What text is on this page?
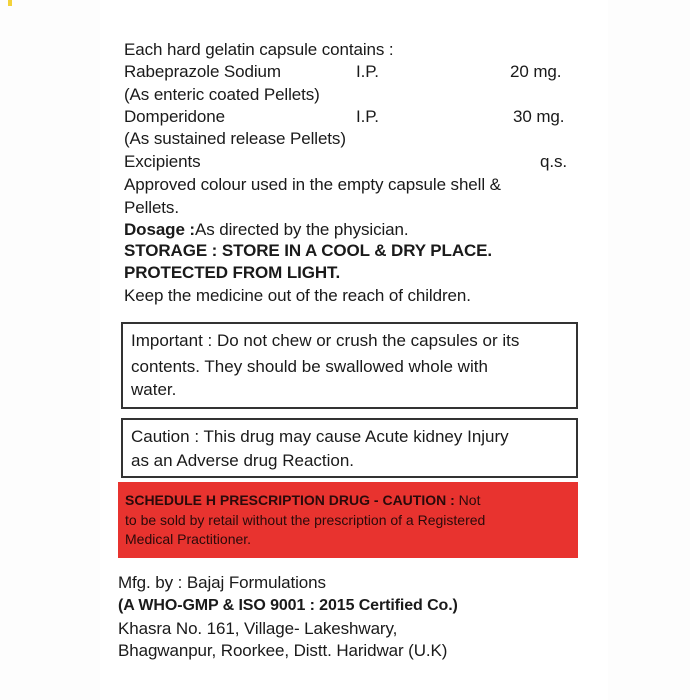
Each hard gelatin capsule contains :
Rabeprazole Sodium	I.P.	20 mg.
(As enteric coated Pellets)
Domperidone	I.P.	30 mg.
(As sustained release Pellets)
Excipients	q.s.
Approved colour used in the empty capsule shell &
Pellets.
Dosage :As directed by the physician.
STORAGE : STORE IN A COOL & DRY PLACE.
PROTECTED FROM LIGHT.
Keep the medicine out of the reach of children.
Important : Do not chew or crush the capsules or its
contents. They should be swallowed whole with
water.
Caution : This drug may cause Acute kidney Injury
as an Adverse drug Reaction.
SCHEDULE H PRESCRIPTION DRUG - CAUTION : Not
to be sold by retail without the prescription of a Registered
Medical Practitioner.
Mfg. by : Bajaj Formulations
(A WHO-GMP & ISO 9001 : 2015 Certified Co.)
Khasra No. 161, Village- Lakeshwary,
Bhagwanpur, Roorkee, Distt. Haridwar (U.K)
